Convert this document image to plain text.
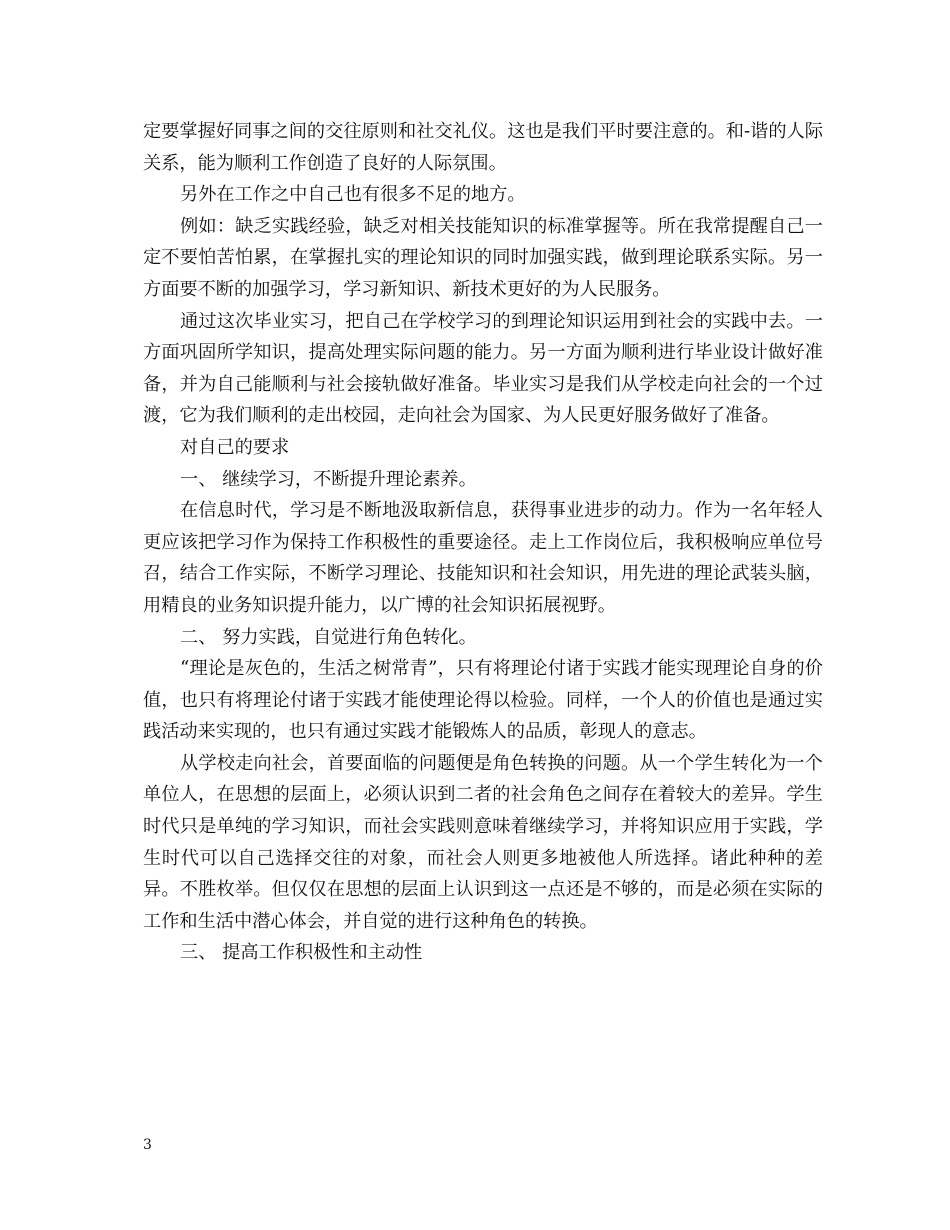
定要掌握好同事之间的交往原则和社交礼仪。这也是我们平时要注意的。和-谐的人际关系，能为顺利工作创造了良好的人际氛围。

另外在工作之中自己也有很多不足的地方。

例如：缺乏实践经验，缺乏对相关技能知识的标准掌握等。所在我常提醒自己一定不要怕苦怕累，在掌握扎实的理论知识的同时加强实践，做到理论联系实际。另一方面要不断的加强学习，学习新知识、新技术更好的为人民服务。

通过这次毕业实习，把自己在学校学习的到理论知识运用到社会的实践中去。一方面巩固所学知识，提高处理实际问题的能力。另一方面为顺利进行毕业设计做好准备，并为自己能顺利与社会接轨做好准备。毕业实习是我们从学校走向社会的一个过渡，它为我们顺利的走出校园，走向社会为国家、为人民更好服务做好了准备。

对自己的要求

一、 继续学习，不断提升理论素养。

在信息时代，学习是不断地汲取新信息，获得事业进步的动力。作为一名年轻人更应该把学习作为保持工作积极性的重要途径。走上工作岗位后，我积极响应单位号召，结合工作实际，不断学习理论、技能知识和社会知识，用先进的理论武装头脑，用精良的业务知识提升能力，以广博的社会知识拓展视野。

二、 努力实践，自觉进行角色转化。

“理论是灰色的，生活之树常青”，只有将理论付诸于实践才能实现理论自身的价值，也只有将理论付诸于实践才能使理论得以检验。同样，一个人的价值也是通过实践活动来实现的，也只有通过实践才能锻炼人的品质，彰现人的意志。

从学校走向社会，首要面临的问题便是角色转换的问题。从一个学生转化为一个单位人，在思想的层面上，必须认识到二者的社会角色之间存在着较大的差异。学生时代只是单纯的学习知识，而社会实践则意味着继续学习，并将知识应用于实践，学生时代可以自己选择交往的对象，而社会人则更多地被他人所选择。诸此种种的差异。不胜枚举。但仅仅在思想的层面上认识到这一点还是不够的，而是必须在实际的工作和生活中潜心体会，并自觉的进行这种角色的转换。

三、 提高工作积极性和主动性

3
